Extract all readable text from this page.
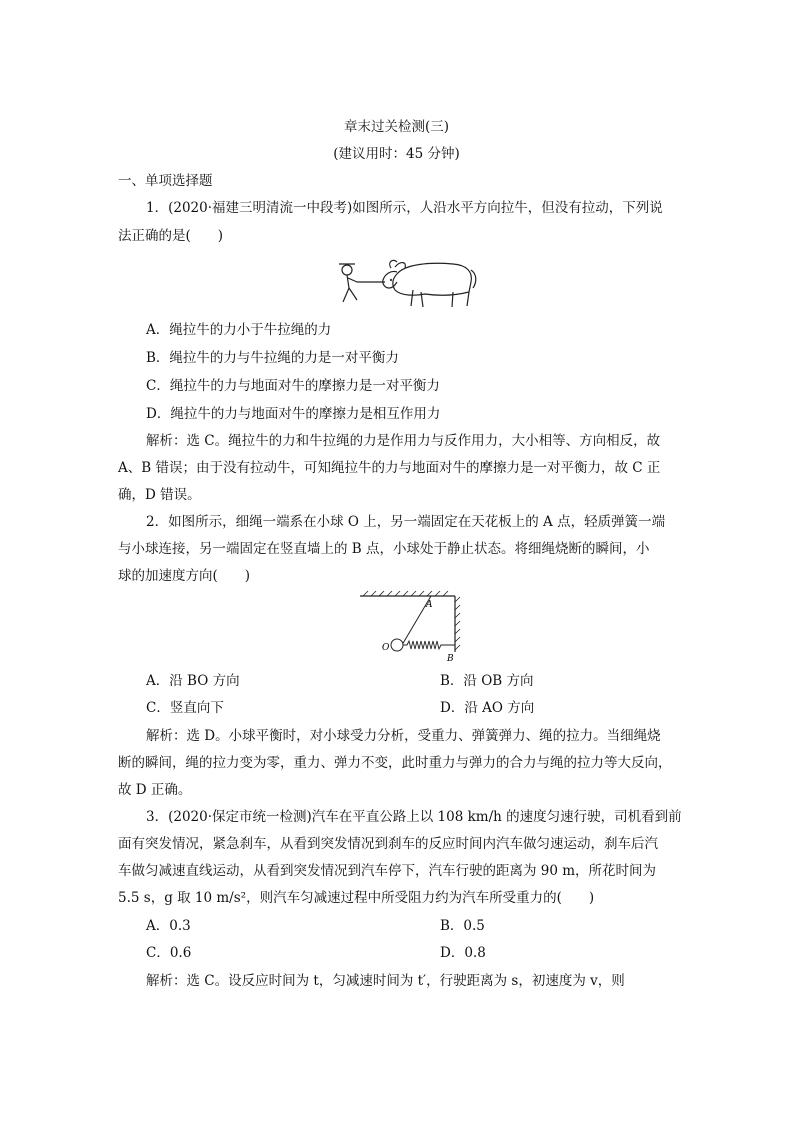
章末过关检测(三)
(建议用时：45 分钟)
一、单项选择题
1．(2020·福建三明清流一中段考)如图所示，人沿水平方向拉牛，但没有拉动，下列说
法正确的是(　　)
A．绳拉牛的力小于牛拉绳的力
B．绳拉牛的力与牛拉绳的力是一对平衡力
C．绳拉牛的力与地面对牛的摩擦力是一对平衡力
D．绳拉牛的力与地面对牛的摩擦力是相互作用力
解析：选 C。绳拉牛的力和牛拉绳的力是作用力与反作用力，大小相等、方向相反，故
A、B 错误；由于没有拉动牛，可知绳拉牛的力与地面对牛的摩擦力是一对平衡力，故 C 正
确，D 错误。
2．如图所示，细绳一端系在小球 O 上，另一端固定在天花板上的 A 点，轻质弹簧一端
与小球连接，另一端固定在竖直墙上的 B 点，小球处于静止状态。将细绳烧断的瞬间，小
球的加速度方向(　　)
A
O
B
A．沿 BO 方向	B．沿 OB 方向
C．竖直向下	D．沿 AO 方向
解析：选 D。小球平衡时，对小球受力分析，受重力、弹簧弹力、绳的拉力。当细绳烧
断的瞬间，绳的拉力变为零，重力、弹力不变，此时重力与弹力的合力与绳的拉力等大反向，
故 D 正确。
3．(2020·保定市统一检测)汽车在平直公路上以 108 km/h 的速度匀速行驶，司机看到前
面有突发情况，紧急刹车，从看到突发情况到刹车的反应时间内汽车做匀速运动，刹车后汽
车做匀减速直线运动，从看到突发情况到汽车停下，汽车行驶的距离为 90 m，所花时间为
5.5 s，g 取 10 m/s²，则汽车匀减速过程中所受阻力约为汽车所受重力的(　　)
A．0.3	B．0.5
C．0.6	D．0.8
解析：选 C。设反应时间为 t，匀减速时间为 t′，行驶距离为 s，初速度为 v，则
